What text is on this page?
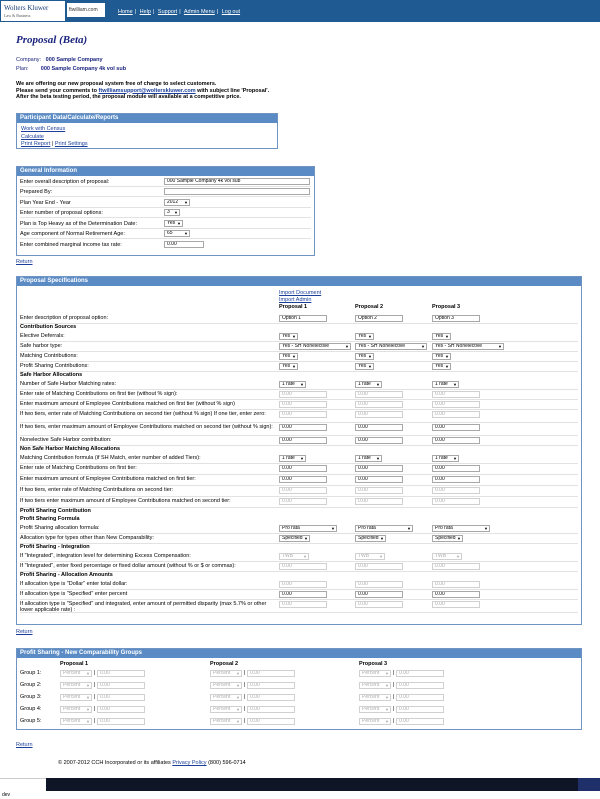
Wolters Kluwer
Law & Business
ftwilliam.com	Home | Help | Support | Admin Menu | Log out
Proposal (Beta)
Company: 000 Sample Company
Plan: 000 Sample Company 4k vol sub
We are offering our new proposal system free of charge to select customers.
Please send your comments to ftwilliamsupport@wolterskluwer.com with subject line 'Proposal'.
After the beta testing period, the proposal module will available at a competitive price.
Participant Data/Calculate/Reports
Work with Census
Calculate
Print Report | Print Settings
General Information
Enter overall description of proposal:	000 Sample Company 4k vol sub
Prepared By:
Plan Year End - Year	2012 ▼
Enter number of proposal options:	3 ▼
Plan is Top Heavy as of the Determination Date:	Yes ▼
Age component of Normal Retirement Age:	65	▼
Enter combined marginal income tax rate:	0.00
Return
Proposal Specifications
Import Document
Import Admin
Proposal 1	Proposal 2	Proposal 3
Enter description of proposal option:	Option 1	Option 2	Option 3
Contribution Sources
Elective Deferrals:	Yes ▼	Yes ▼	Yes ▼
Safe harbor type:	Yes - SH Nonelective	▼	Yes - SH Nonelective	▼	Yes - SH Nonelective	▼
Matching Contributions:	Yes ▼	Yes ▼	Yes ▼
Profit Sharing Contributions:	Yes ▼	Yes ▼	Yes ▼
Safe Harbor Allocations
Number of Safe Harbor Matching rates:	1 rate ▼	1 rate ▼	1 rate ▼
Enter rate of Matching Contributions on first tier (without % sign):	0.00	0.00	0.00
Enter maximum amount of Employee Contributions matched on first tier (without % sign)	0.00	0.00	0.00
If two tiers, enter rate of Matching Contributions on second tier (without % sign) If one tier, enter zero:	0.00	0.00	0.00
If two tiers, enter maximum amount of Employee Contributions matched on second tier (without % sign):	0.00	0.00	0.00
Nonelective Safe Harbor contribution:	0.00	0.00	0.00
Non Safe Harbor Matching Allocations
Matching Contribution formula (if SH Match, enter number of added Tiers):	1 rate ▼	1 rate ▼	1 rate ▼
Enter rate of Matching Contributions on first tier:	0.00	0.00	0.00
Enter maximum amount of Employee Contributions matched on first tier:	0.00	0.00	0.00
If two tiers, enter rate of Matching Contributions on second tier:	0.00	0.00	0.00
If two tiers enter maximum amount of Employee Contributions matched on second tier:	0.00	0.00	0.00
Profit Sharing Contribution
Profit Sharing Formula
Profit Sharing allocation formula:	Pro rata	▼	Pro rata	▼	Pro rata	▼
Allocation type for types other than New Comparability:	Specified ▼	Specified ▼	Specified ▼
Profit Sharing - Integration
If "Integrated", integration level for determining Excess Compensation:	TWB ▼	TWB ▼	TWB ▼
If "Integrated", enter fixed percentage or fixed dollar amount (without % or $ or commas):	0.00	0.00	0.00
Profit Sharing - Allocation Amounts
If allocation type is "Dollar" enter total dollar:	0.00	0.00	0.00
If allocation type is "Specified" enter percent	0.00	0.00	0.00
If allocation type is "Specified" and integrated, enter amount of permitted disparity (max 5.7% or other lower applicable rate) :
0.00	0.00	0.00
Return
Profit Sharing - New Comparability Groups
Proposal 1	Proposal 2	Proposal 3
Group 1:	Percent ▼ | 0.00	Percent ▼ | 0.00	Percent ▼ | 0.00
Group 2:	Percent ▼ | 0.00	Percent ▼ | 0.00	Percent ▼ | 0.00
Group 3:	Percent ▼ | 0.00	Percent ▼ | 0.00	Percent ▼ | 0.00
Group 4:	Percent ▼ | 0.00	Percent ▼ | 0.00	Percent ▼ | 0.00
Group 5:	Percent ▼ | 0.00	Percent ▼ | 0.00	Percent ▼ | 0.00
Return
© 2007-2012 CCH Incorporated or its affiliates Privacy Policy (800) 596-0714
dev
